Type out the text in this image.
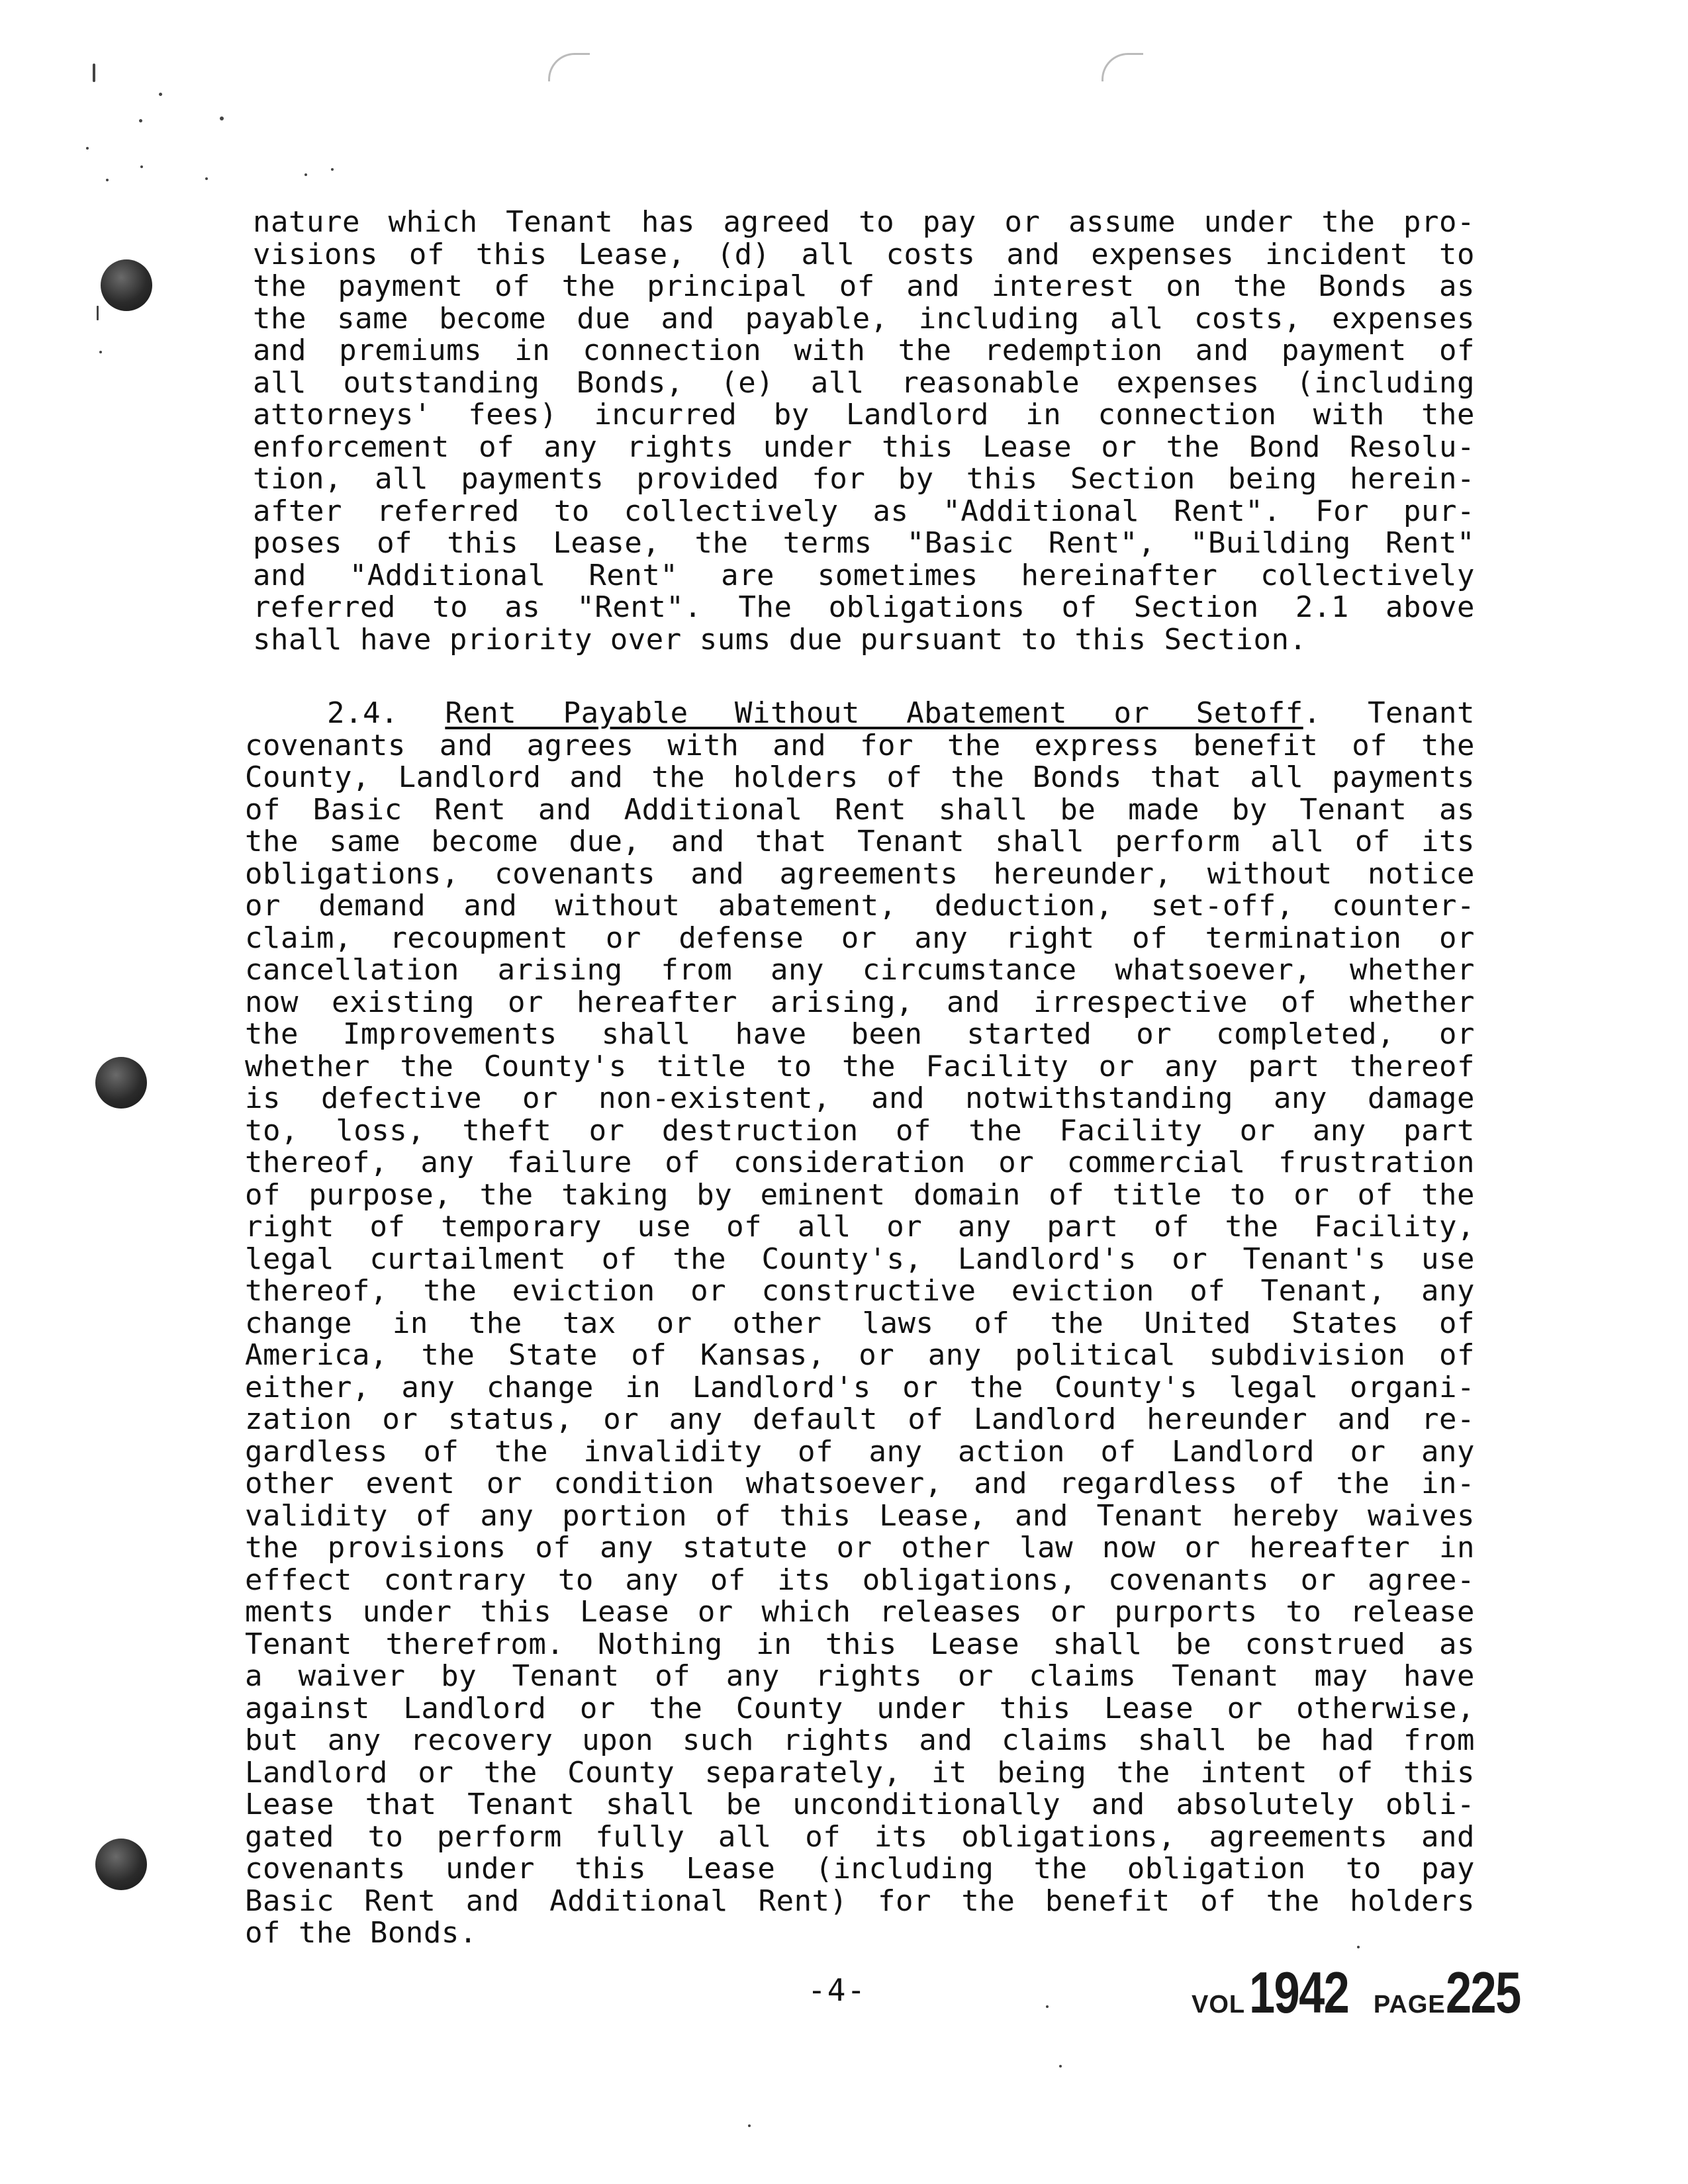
nature which Tenant has agreed to pay or assume under the pro-
visions of this Lease, (d) all costs and expenses incident to
the payment of the principal of and interest on the Bonds as
the same become due and payable, including all costs, expenses
and premiums in connection with the redemption and payment of
all outstanding Bonds, (e) all reasonable expenses (including
attorneys' fees) incurred by Landlord in connection with the
enforcement of any rights under this Lease or the Bond Resolu-
tion, all payments provided for by this Section being herein-
after referred to collectively as "Additional Rent". For pur-
poses of this Lease, the terms "Basic Rent", "Building Rent"
and "Additional Rent" are sometimes hereinafter collectively
referred to as "Rent". The obligations of Section 2.1 above
shall have priority over sums due pursuant to this Section.
2.4. Rent Payable Without Abatement or Setoff. Tenant
covenants and agrees with and for the express benefit of the
County, Landlord and the holders of the Bonds that all payments
of Basic Rent and Additional Rent shall be made by Tenant as
the same become due, and that Tenant shall perform all of its
obligations, covenants and agreements hereunder, without notice
or demand and without abatement, deduction, set-off, counter-
claim, recoupment or defense or any right of termination or
cancellation arising from any circumstance whatsoever, whether
now existing or hereafter arising, and irrespective of whether
the Improvements shall have been started or completed, or
whether the County's title to the Facility or any part thereof
is defective or non-existent, and notwithstanding any damage
to, loss, theft or destruction of the Facility or any part
thereof, any failure of consideration or commercial frustration
of purpose, the taking by eminent domain of title to or of the
right of temporary use of all or any part of the Facility,
legal curtailment of the County's, Landlord's or Tenant's use
thereof, the eviction or constructive eviction of Tenant, any
change in the tax or other laws of the United States of
America, the State of Kansas, or any political subdivision of
either, any change in Landlord's or the County's legal organi-
zation or status, or any default of Landlord hereunder and re-
gardless of the invalidity of any action of Landlord or any
other event or condition whatsoever, and regardless of the in-
validity of any portion of this Lease, and Tenant hereby waives
the provisions of any statute or other law now or hereafter in
effect contrary to any of its obligations, covenants or agree-
ments under this Lease or which releases or purports to release
Tenant therefrom. Nothing in this Lease shall be construed as
a waiver by Tenant of any rights or claims Tenant may have
against Landlord or the County under this Lease or otherwise,
but any recovery upon such rights and claims shall be had from
Landlord or the County separately, it being the intent of this
Lease that Tenant shall be unconditionally and absolutely obli-
gated to perform fully all of its obligations, agreements and
covenants under this Lease (including the obligation to pay
Basic Rent and Additional Rent) for the benefit of the holders
of the Bonds.
-4-	VOL1942 PAGE225
